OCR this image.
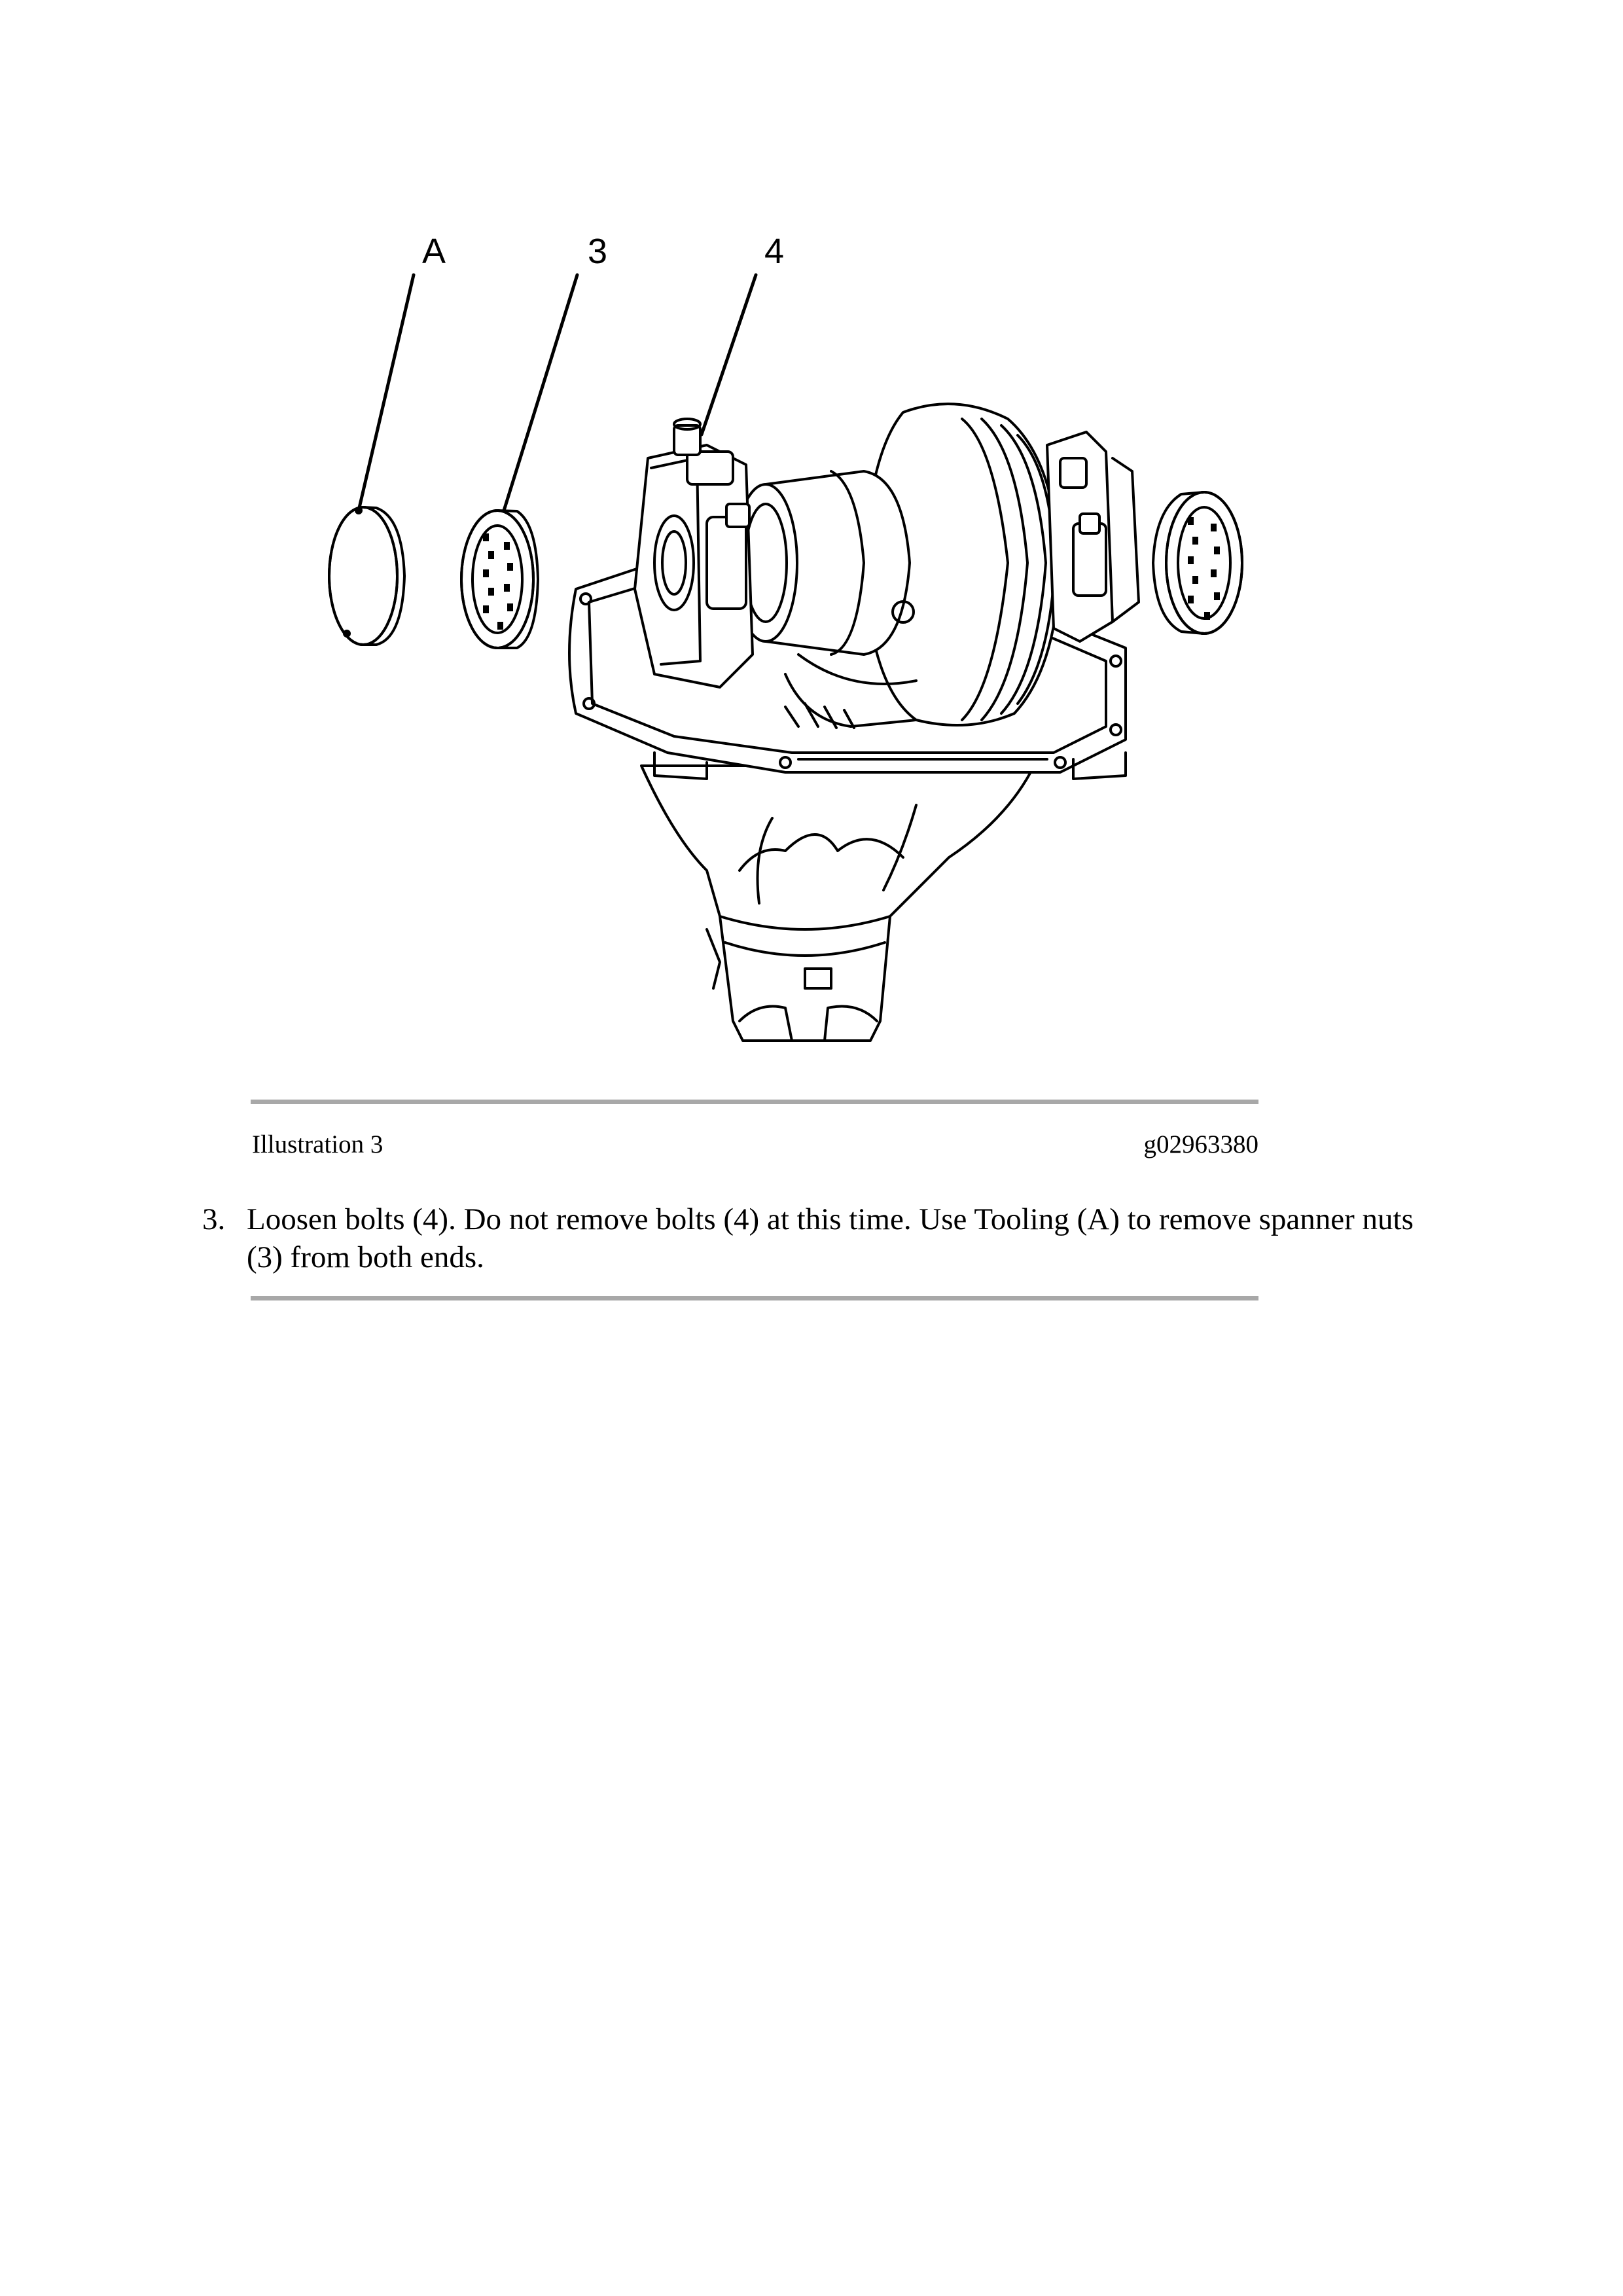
A	3	4
Illustration 3	g02963380
3. Loosen bolts (4). Do not remove bolts (4) at this time. Use Tooling (A) to remove spanner nuts (3) from both ends.
